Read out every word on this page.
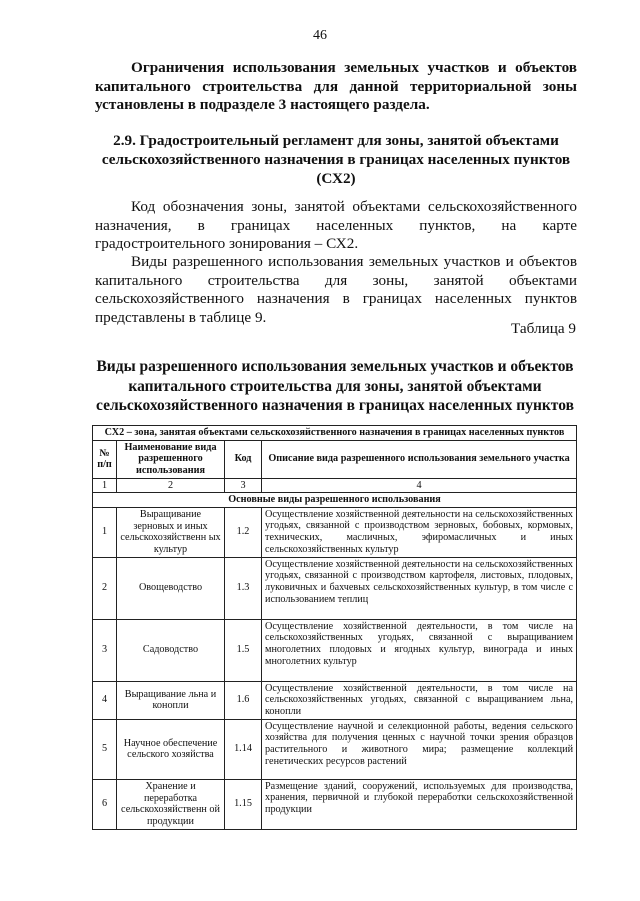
46
Ограничения использования земельных участков и объектов капитального строительства для данной территориальной зоны установлены в подразделе 3 настоящего раздела.
2.9. Градостроительный регламент для зоны, занятой объектами сельскохозяйственного назначения в границах населенных пунктов (СХ2)
Код обозначения зоны, занятой объектами сельскохозяйственного назначения, в границах населенных пунктов, на карте градостроительного зонирования – СХ2.
Виды разрешенного использования земельных участков и объектов капитального строительства для зоны, занятой объектами сельскохозяйственного назначения в границах населенных пунктов представлены в таблице 9.
Таблица 9
Виды разрешенного использования земельных участков и объектов капитального строительства для зоны, занятой объектами сельскохозяйственного назначения в границах населенных пунктов
СХ2 – зона, занятая объектами сельскохозяйственного назначения в границах населенных пунктов			
№ п/п	Наименование вида разрешенного использования	Код	Описание вида разрешенного использования земельного участка
1	2	3	4
Основные виды разрешенного использования			
1	Выращивание зерновых и иных сельскохозяйственн ых культур	1.2	Осуществление хозяйственной деятельности на сельскохозяйственных угодьях, связанной с производством зерновых, бобовых, кормовых, технических, масличных, эфиромасличных и иных сельскохозяйственных культур
2	Овощеводство	1.3	Осуществление хозяйственной деятельности на сельскохозяйственных угодьях, связанной с производством картофеля, листовых, плодовых, луковичных и бахчевых сельскохозяйственных культур, в том числе с использованием теплиц
3	Садоводство	1.5	Осуществление хозяйственной деятельности, в том числе на сельскохозяйственных угодьях, связанной с выращиванием многолетних плодовых и ягодных культур, винограда и иных многолетних культур
4	Выращивание льна и конопли	1.6	Осуществление хозяйственной деятельности, в том числе на сельскохозяйственных угодьях, связанной с выращиванием льна, конопли
5	Научное обеспечение сельского хозяйства	1.14	Осуществление научной и селекционной работы, ведения сельского хозяйства для получения ценных с научной точки зрения образцов растительного и животного мира; размещение коллекций генетических ресурсов растений
6	Хранение и переработка сельскохозяйственн ой продукции	1.15	Размещение зданий, сооружений, используемых для производства, хранения, первичной и глубокой переработки сельскохозяйственной продукции
